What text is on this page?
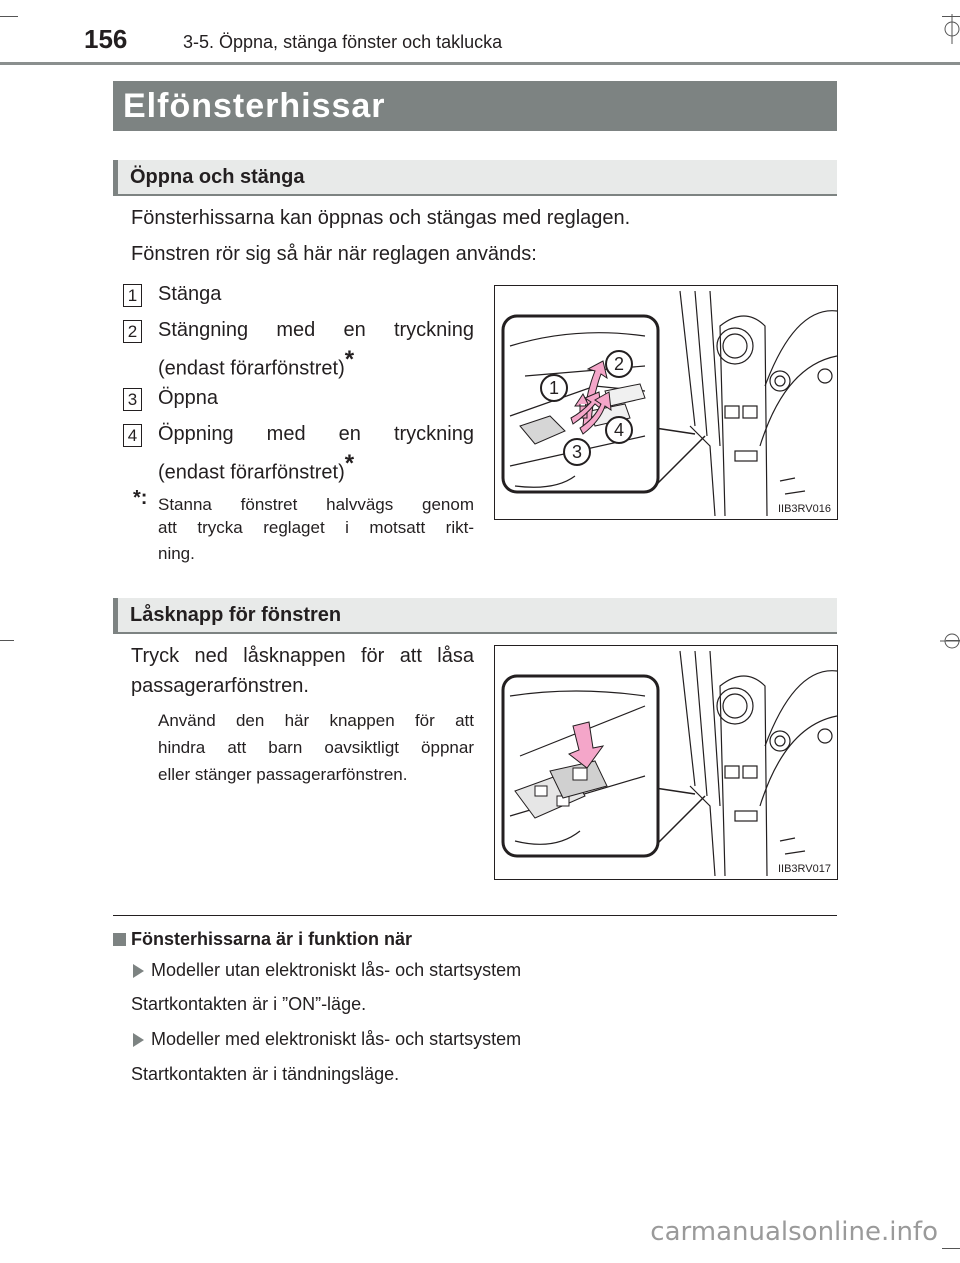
156	3-5. Öppna, stänga fönster och taklucka
Elfönsterhissar
Öppna och stänga
Fönsterhissarna kan öppnas och stängas med reglagen.
Fönstren rör sig så här när reglagen används:
1 Stänga
2 Stängning med en tryckning
(endast förarfönstret)*
3 Öppna
4 Öppning med en tryckning
(endast förarfönstret)*
*: Stanna fönstret halvvägs genom
att trycka reglaget i motsatt rikt-
ning.
1
2
3
4
IIB3RV016
Låsknapp för fönstren
Tryck ned låsknappen för att låsa
passagerarfönstren.
Använd den här knappen för att
hindra att barn oavsiktligt öppnar
eller stänger passagerarfönstren.
IIB3RV017
Fönsterhissarna är i funktion när
Modeller utan elektroniskt lås- och startsystem
Startkontakten är i ”ON”-läge.
Modeller med elektroniskt lås- och startsystem
Startkontakten är i tändningsläge.
carmanualsonline.info
